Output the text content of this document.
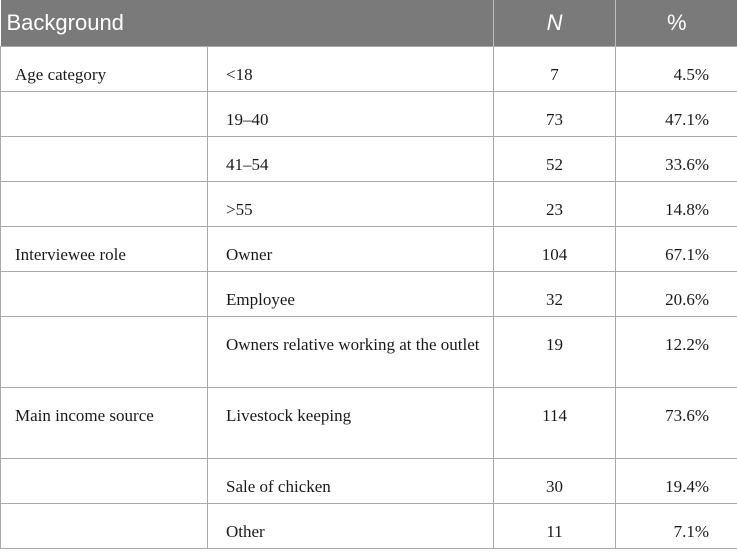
Background		N	%
Age category	<18	7	4.5%
	19–40	73	47.1%
	41–54	52	33.6%
	>55	23	14.8%
Interviewee role	Owner	104	67.1%
	Employee	32	20.6%
	Owners relative working at the outlet	19	12.2%
Main income source	Livestock keeping	114	73.6%
	Sale of chicken	30	19.4%
	Other	11	7.1%
